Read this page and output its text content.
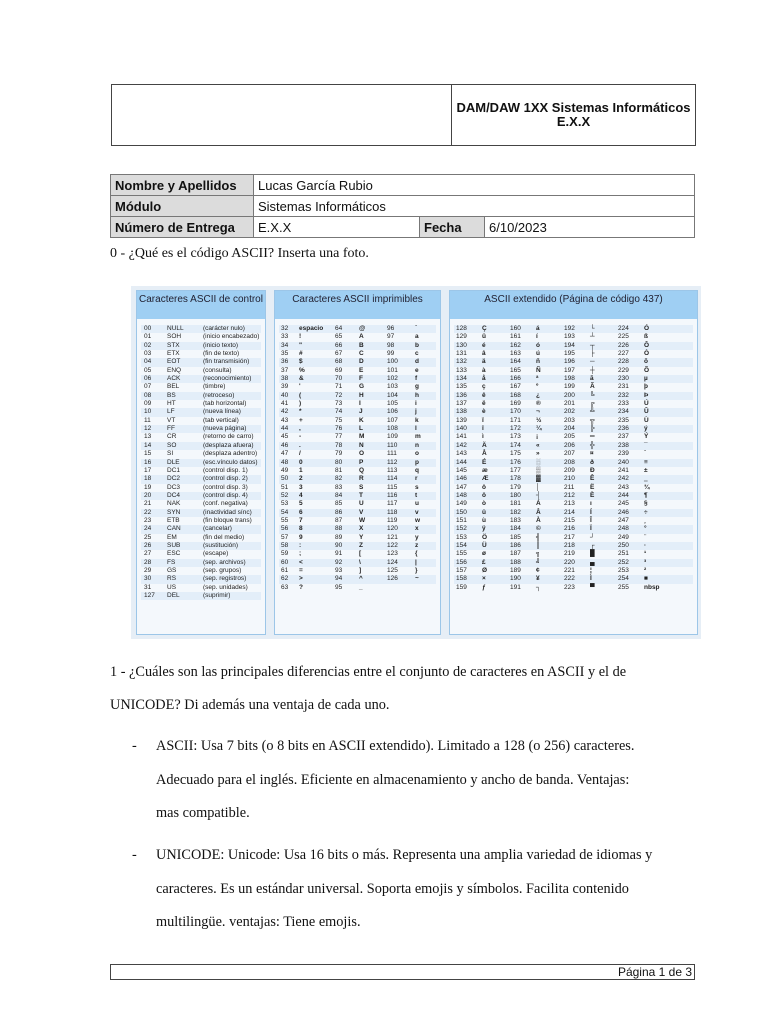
DAM/DAW 1XX Sistemas Informáticos
E.X.X
Nombre y Apellidos	Lucas García Rubio		
Módulo	Sistemas Informáticos		
Número de Entrega	E.X.X	Fecha	6/10/2023
0 - ¿Qué es el código ASCII? Inserta una foto.
Caracteres ASCII de control
00 NULL	(carácter nulo)
01 SOH	(inicio encabezado)
02 STX	(inicio texto)
03 ETX	(fin de texto)
04 EOT	(fin transmisión)
05 ENQ	(consulta)
06 ACK	(reconocimiento)
07 BEL	(timbre)
08 BS	(retroceso)
09 HT	(tab horizontal)
10 LF	(nueva línea)
11	VT	(tab vertical)
12 FF	(nueva página)
13 CR	(retorno de carro)
14 SO	(desplaza afuera)
15 SI	(desplaza adentro)
16 DLE	(esc.vínculo datos)
17 DC1	(control disp. 1)
18 DC2	(control disp. 2)
19 DC3	(control disp. 3)
20 DC4	(control disp. 4)
21 NAK	(conf. negativa)
22 SYN	(inactividad sínc)
23 ETB	(fin bloque trans)
24 CAN	(cancelar)
25 EM	(fin del medio)
26 SUB	(sustitución)
27 ESC	(escape)
28 FS	(sep. archivos)
29 GS	(sep. grupos)
30 RS	(sep. registros)
31 US	(sep. unidades)
127 DEL	(suprimir)
Caracteres ASCII imprimibles
32 espacio 64	@	96	`
33 !	65	A	97	a
34 "	66	B	98	b
35 #	67	C	99	c
36 $	68	D	100	d
37 %	69	E	101	e
38 &	70	F	102	f
39 '	71	G	103	g
40 (	72	H	104	h
41 )	73	I	105	i
42 *	74	J	106	j
43 +	75	K	107	k
44 ,	76	L	108	l
45 -	77	M	109	m
46 .	78	N	110	n
47 /	79	O	111	o
48 0	80	P	112	p
49 1	81	Q	113	q
50 2	82	R	114	r
51 3	83	S	115	s
52 4	84	T	116	t
53 5	85	U	117	u
54 6	86	V	118	v
55 7	87	W	119	w
56 8	88	X	120	x
57 9	89	Y	121	y
58 :	90	Z	122	z
59 ;	91	[	123	{
60 <	92	\	124	|
61 =	93	]	125	}
62 >	94	^	126	~
63 ?	95	_
ASCII extendido (Página de código 437)
128 Ç	160 á	192 └	224 Ó
129 ü	161 í	193 ┴	225 ß
130 é	162 ó	194 ┬	226 Ô
131 â	163 ú	195 ├	227 Ò
132 ä	164 ñ	196 ─	228 õ
133 à	165 Ñ	197 ┼	229 Õ
134 å	166 ª	198 ã	230 µ
135 ç	167 º	199 Ã	231 þ
136 ê	168 ¿	200 ╚	232 Þ
137 ë	169 ®	201 ╔	233 Ú
138 è	170 ¬	202 ╩	234 Û
139 ï	171 ½	203 ╦	235 Ù
140 î	172 ¼	204 ╠	236 ý
141 ì	173 ¡	205 ═	237 Ý
142 Ä	174 «	206 ╬	238 ¯
143 Å	175 »	207 ¤	239 ´
144 É	176 ░	208 ð	240 ≡
145 æ	177 ▒	209 Ð	241 ±
146 Æ	178 ▓	210 Ê	242 ‗
147 ô	179 │	211 Ë	243 ¾
148 ö	180 ┤	212 È	244 ¶
149 ò	181 Á	213 ı	245 §
150 û	182 Â	214 Í	246 ÷
151 ù	183 À	215 Î	247 ¸
152 ÿ	184 ©	216 Ï	248 °
153 Ö	185 ╣	217 ┘	249 ¨
154 Ü	186 ║	218 ┌	250 ·
155 ø	187 ╗	219 █	251 ¹
156 £	188 ╝	220 ▄	252 ³
157 Ø	189 ¢	221 ¦	253 ²
158 ×	190 ¥	222 Ì	254 ■
159 ƒ	191 ┐	223 ▀	255 nbsp
1 - ¿Cuáles son las principales diferencias entre el conjunto de caracteres en ASCII y el de
UNICODE? Di además una ventaja de cada uno.
- ASCII: Usa 7 bits (o 8 bits en ASCII extendido). Limitado a 128 (o 256) caracteres.
Adecuado para el inglés. Eficiente en almacenamiento y ancho de banda. Ventajas:
mas compatible.
- UNICODE: Unicode: Usa 16 bits o más. Representa una amplia variedad de idiomas y
caracteres. Es un estándar universal. Soporta emojis y símbolos. Facilita contenido
multilingüe. ventajas: Tiene emojis.
Página 1 de 3
